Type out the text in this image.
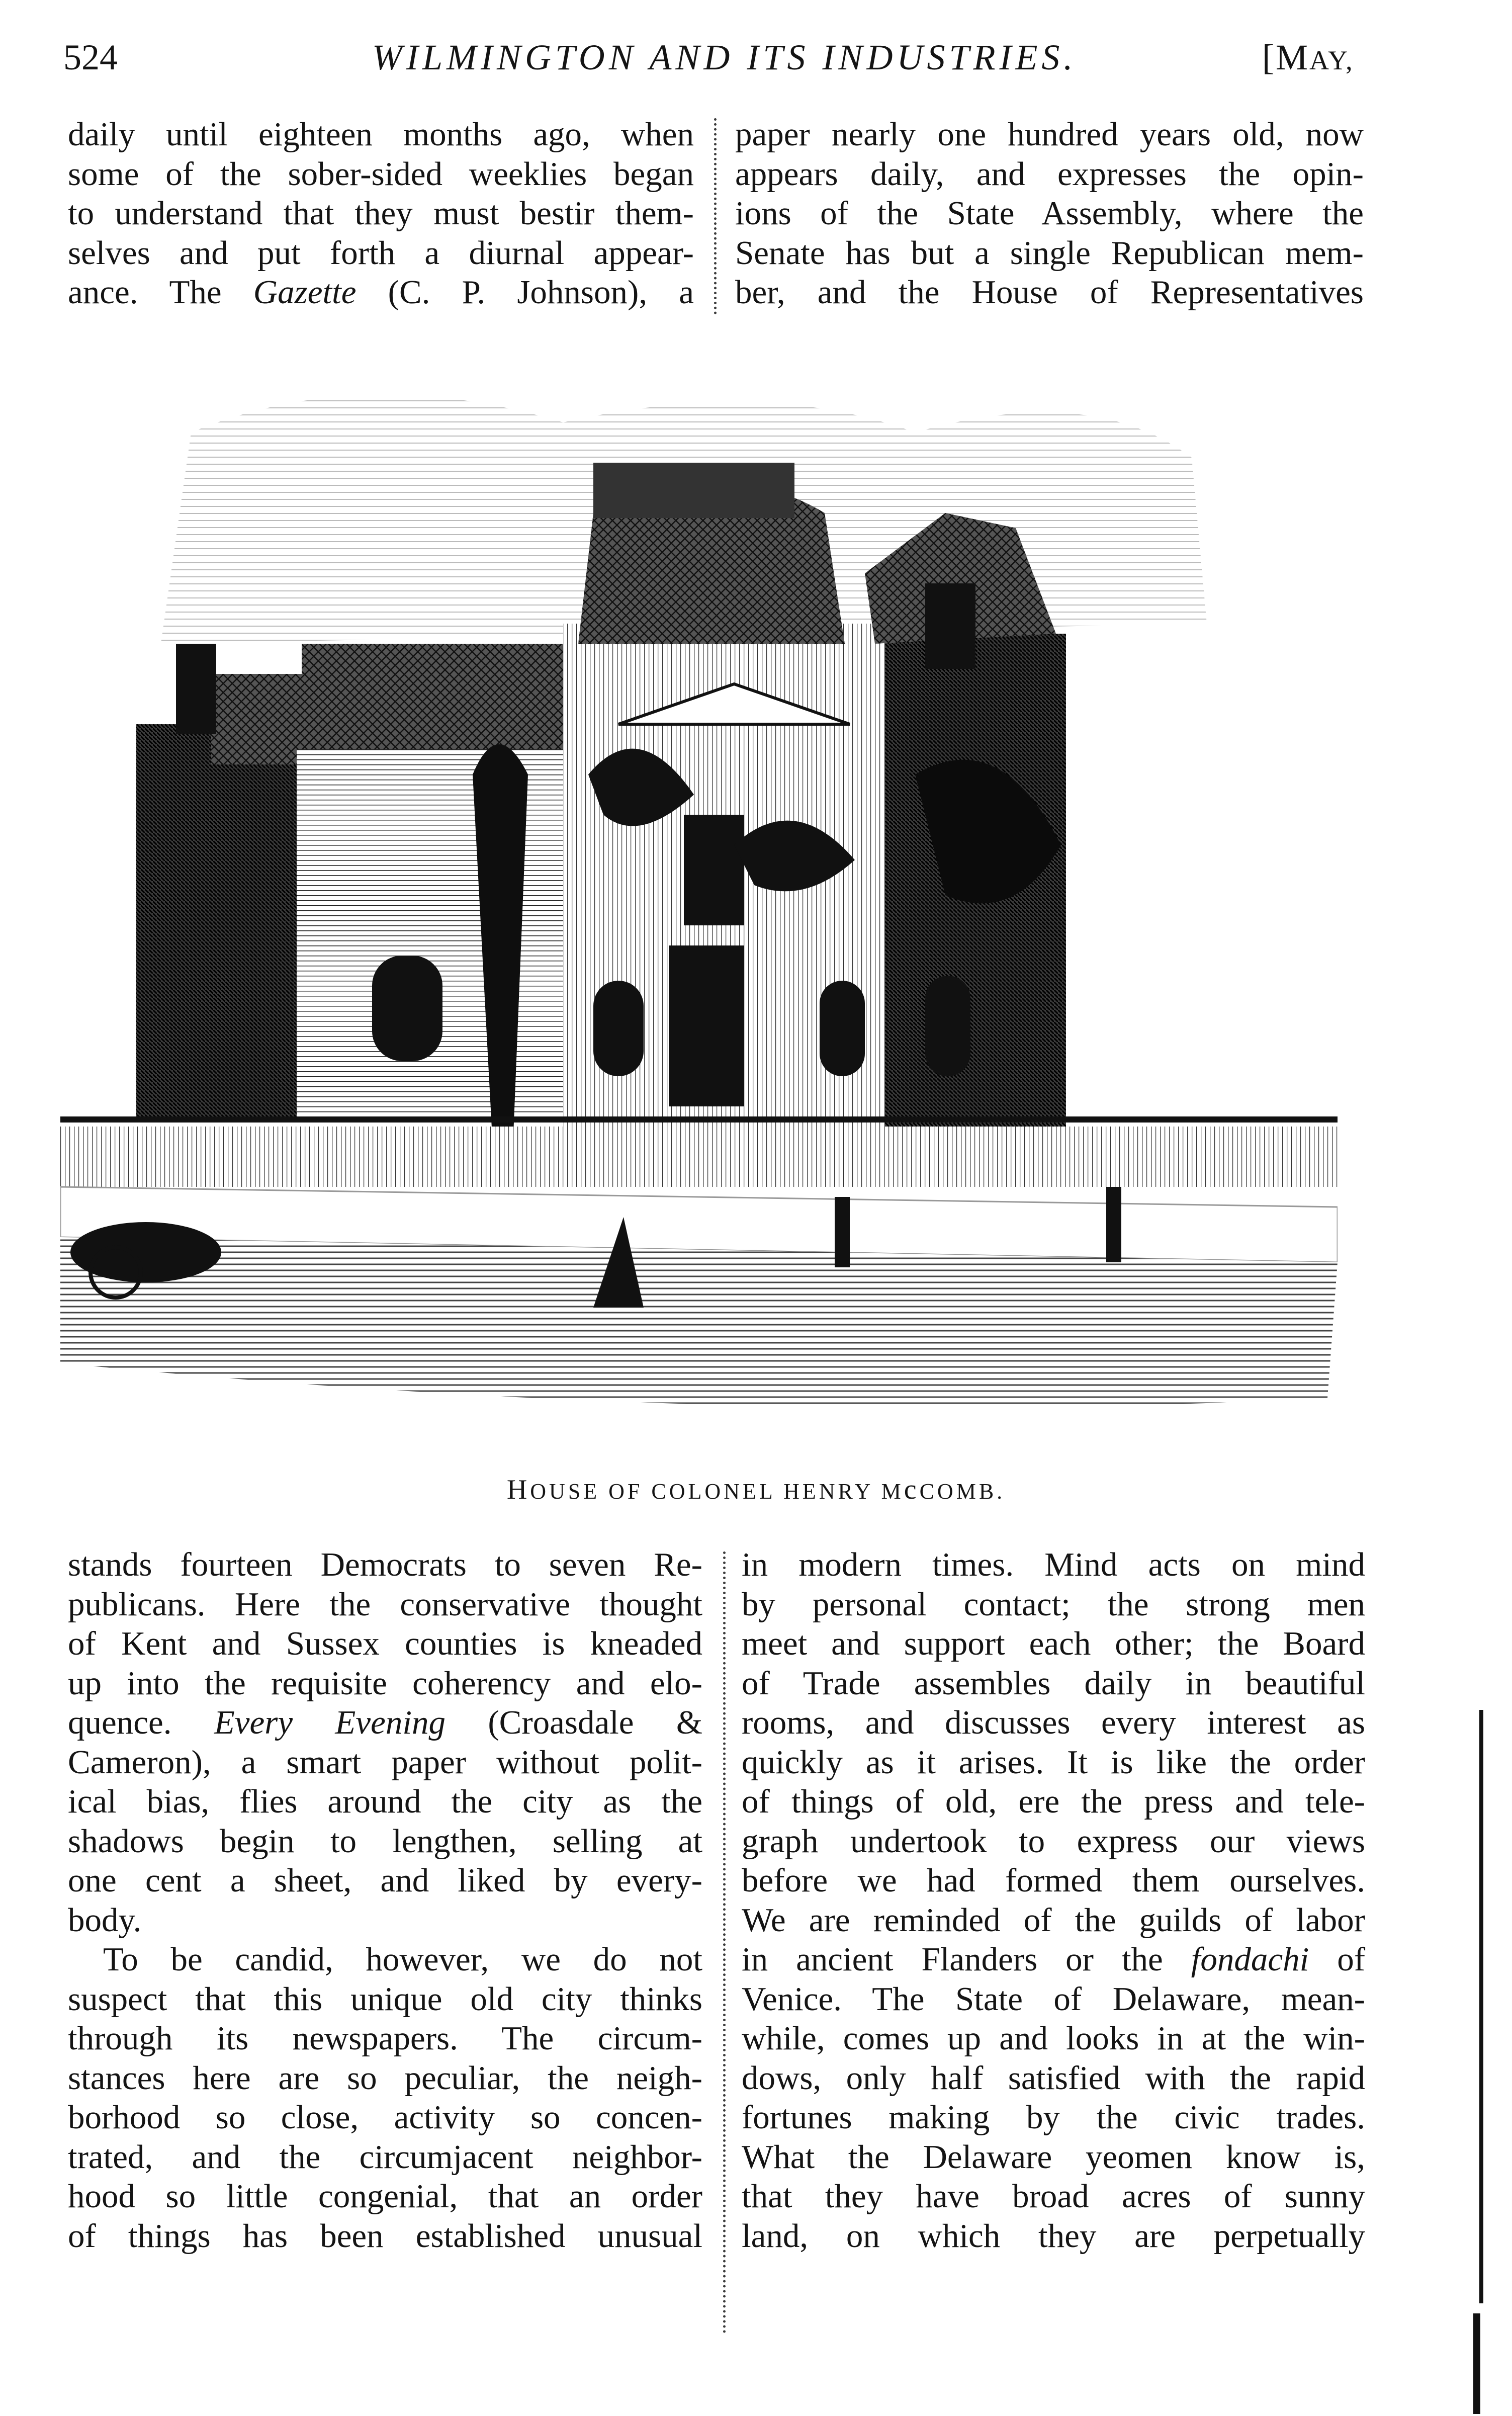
524	WILMINGTON AND ITS INDUSTRIES.	[MAY,
daily until eighteen months ago, when
some of the sober-sided weeklies began
to understand that they must bestir them-
selves and put forth a diurnal appear-
ance. The Gazette (C. P. Johnson), a
paper nearly one hundred years old, now
appears daily, and expresses the opin-
ions of the State Assembly, where the
Senate has but a single Republican mem-
ber, and the House of Representatives
HOUSE OF COLONEL HENRY McCOMB.
stands fourteen Democrats to seven Re-
publicans. Here the conservative thought
of Kent and Sussex counties is kneaded
up into the requisite coherency and elo-
quence. Every Evening (Croasdale &
Cameron), a smart paper without polit-
ical bias, flies around the city as the
shadows begin to lengthen, selling at
one cent a sheet, and liked by every-
body.
To be candid, however, we do not
suspect that this unique old city thinks
through its newspapers. The circum-
stances here are so peculiar, the neigh-
borhood so close, activity so concen-
trated, and the circumjacent neighbor-
hood so little congenial, that an order
of things has been established unusual
in modern times. Mind acts on mind
by personal contact; the strong men
meet and support each other; the Board
of Trade assembles daily in beautiful
rooms, and discusses every interest as
quickly as it arises. It is like the order
of things of old, ere the press and tele-
graph undertook to express our views
before we had formed them ourselves.
We are reminded of the guilds of labor
in ancient Flanders or the fondachi of
Venice. The State of Delaware, mean-
while, comes up and looks in at the win-
dows, only half satisfied with the rapid
fortunes making by the civic trades.
What the Delaware yeomen know is,
that they have broad acres of sunny
land, on which they are perpetually
